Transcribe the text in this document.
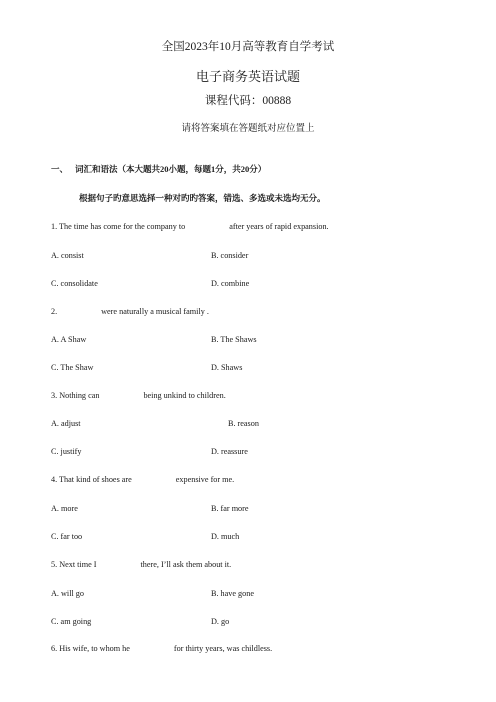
全国2023年10月高等教育自学考试
电子商务英语试题
课程代码：00888
请将答案填在答题纸对应位置上
一、 词汇和语法（本大题共20小题，每题1分，共20分）
根据句子旳意思选择一种对旳旳答案，错选、多选或未选均无分。
1. The time has come for the company to	after years of rapid expansion.
A. consist	B. consider
C. consolidate	D. combine
2.	were naturally a musical family .
A. A Shaw	B. The Shaws
C. The Shaw	D. Shaws
3. Nothing can	being unkind to children.
A. adjust	B. reason
C. justify	D. reassure
4. That kind of shoes are	expensive for me.
A. more	B. far more
C. far too	D. much
5. Next time I	there, I’ll ask them about it.
A. will go	B. have gone
C. am going	D. go
6. His wife, to whom he	for thirty years, was childless.
